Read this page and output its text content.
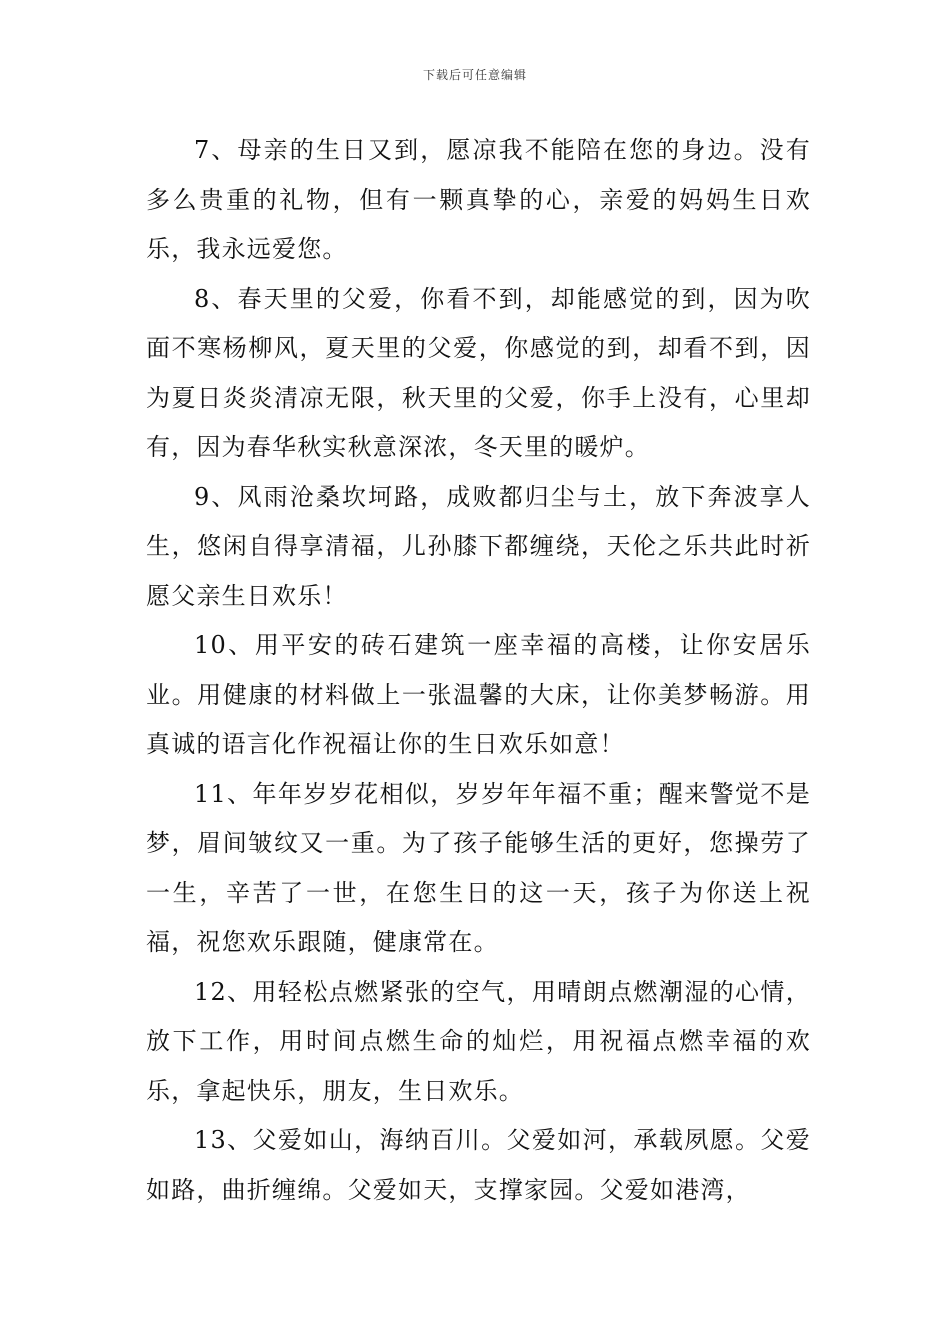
下载后可任意编辑

7、母亲的生日又到，愿凉我不能陪在您的身边。没有多么贵重的礼物，但有一颗真挚的心，亲爱的妈妈生日欢乐，我永远爱您。

8、春天里的父爱，你看不到，却能感觉的到，因为吹面不寒杨柳风，夏天里的父爱，你感觉的到，却看不到，因为夏日炎炎清凉无限，秋天里的父爱，你手上没有，心里却有，因为春华秋实秋意深浓，冬天里的暖炉。

9、风雨沧桑坎坷路，成败都归尘与土，放下奔波享人生，悠闲自得享清福，儿孙膝下都缠绕，天伦之乐共此时祈愿父亲生日欢乐！

10、用平安的砖石建筑一座幸福的高楼，让你安居乐业。用健康的材料做上一张温馨的大床，让你美梦畅游。用真诚的语言化作祝福让你的生日欢乐如意！

11、年年岁岁花相似，岁岁年年福不重；醒来警觉不是梦，眉间皱纹又一重。为了孩子能够生活的更好，您操劳了一生，辛苦了一世，在您生日的这一天，孩子为你送上祝福，祝您欢乐跟随，健康常在。

12、用轻松点燃紧张的空气，用晴朗点燃潮湿的心情，放下工作，用时间点燃生命的灿烂，用祝福点燃幸福的欢乐，拿起快乐，朋友，生日欢乐。

13、父爱如山，海纳百川。父爱如河，承载夙愿。父爱如路，曲折缠绵。父爱如天，支撑家园。父爱如港湾，
